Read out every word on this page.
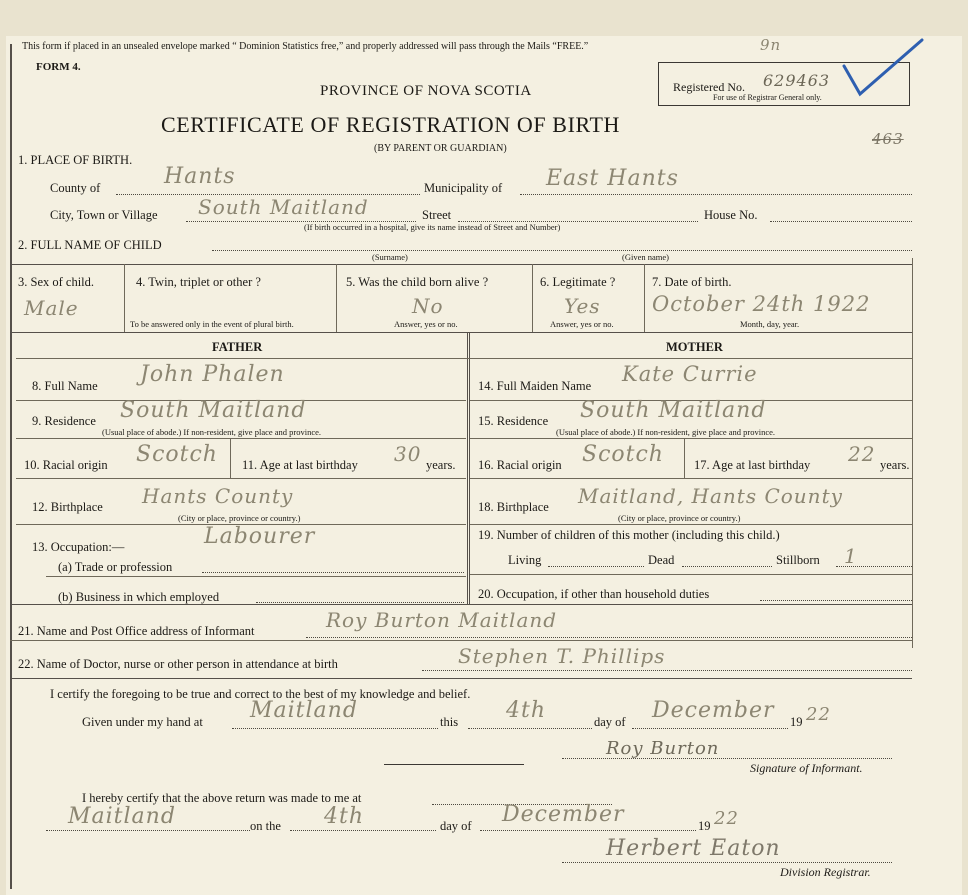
This form if placed in an unsealed envelope marked “ Dominion Statistics free,” and properly addressed will pass through the Mails “FREE.”	9n
FORM 4.
PROVINCE OF NOVA SCOTIA
CERTIFICATE OF REGISTRATION OF BIRTH
(BY PARENT OR GUARDIAN)
Registered No. 629463
For use of Registrar General only.
463
1. PLACE OF BIRTH.
County of	Hants	Municipality of East Hants
City, Town or Village South Maitland	Street
(If birth occurred in a hospital, give its name instead of Street and Number)
House No.
2. FULL NAME OF CHILD
(Surname)	(Given name)
3. Sex of child.
Male
4. Twin, triplet or other ?
To be answered only in the event of plural birth.
5. Was the child born alive ?
No
Answer, yes or no.
6. Legitimate ?
Yes
Answer, yes or no.
7. Date of birth.
October 24th 1922
Month, day, year.
FATHER	MOTHER
8. Full Name John Phalen
9. Residence South Maitland
(Usual place of abode.) If non-resident, give place and province.
10. Racial origin Scotch 11. Age at last birthday 30 years.
12. Birthplace Hants County
(City or place, province or country.)
13. Occupation:—	Labourer
(a) Trade or profession
(b) Business in which employed
14. Full Maiden Name Kate Currie
15. Residence South Maitland
(Usual place of abode.) If non-resident, give place and province.
16. Racial origin Scotch 17. Age at last birthday 22 years.
18. Birthplace Maitland, Hants County
(City or place, province or country.)
19. Number of children of this mother (including this child.)
Living	Dead	Stillborn 1
20. Occupation, if other than household duties
21. Name and Post Office address of Informant	Roy Burton Maitland
22. Name of Doctor, nurse or other person in attendance at birth	Stephen T. Phillips
I certify the foregoing to be true and correct to the best of my knowledge and belief.
Given under my hand at Maitland	this 4th	day of December 19 22
Roy Burton
Signature of Informant.
I hereby certify that the above return was made to me at
Maitland	on the 4th	day of December	19 22
Herbert Eaton
Division Registrar.
